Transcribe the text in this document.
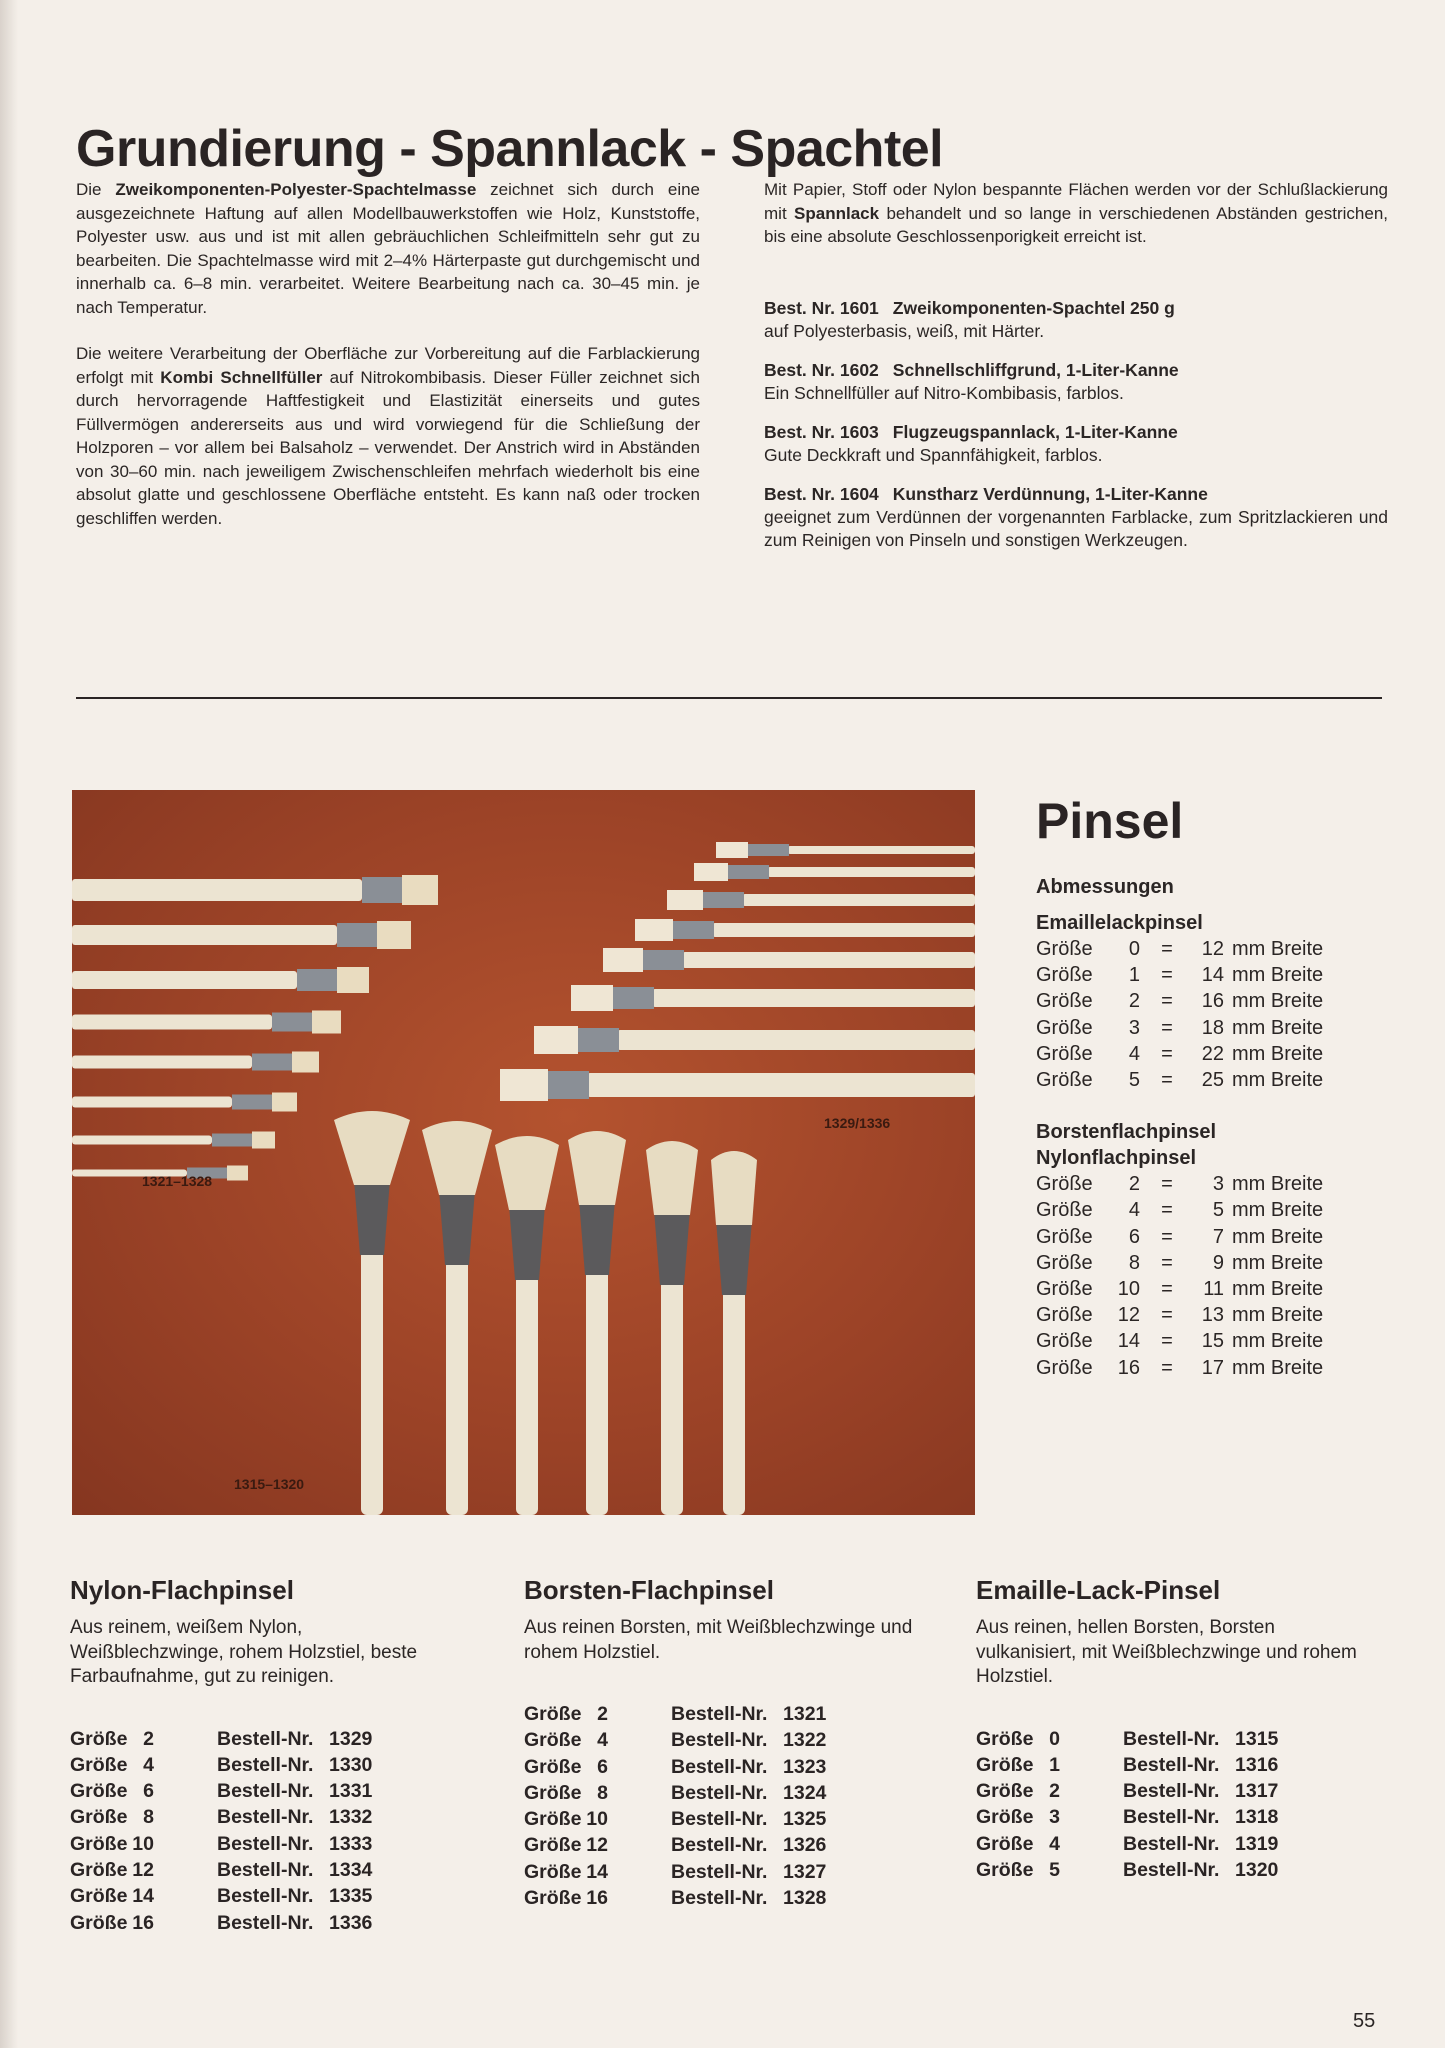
Grundierung - Spannlack - Spachtel

Die Zweikomponenten-Polyester-Spachtelmasse zeichnet sich durch eine ausgezeichnete Haftung auf allen Modellbauwerkstoffen wie Holz, Kunststoffe, Polyester usw. aus und ist mit allen gebräuchlichen Schleifmitteln sehr gut zu bearbeiten. Die Spachtelmasse wird mit 2–4% Härterpaste gut durchgemischt und innerhalb ca. 6–8 min. verarbeitet. Weitere Bearbeitung nach ca. 30–45 min. je nach Temperatur.

Die weitere Verarbeitung der Oberfläche zur Vorbereitung auf die Farblackierung erfolgt mit Kombi Schnellfüller auf Nitrokombibasis. Dieser Füller zeichnet sich durch hervorragende Haftfestigkeit und Elastizität einerseits und gutes Füllvermögen andererseits aus und wird vorwiegend für die Schließung der Holzporen – vor allem bei Balsaholz – verwendet. Der Anstrich wird in Abständen von 30–60 min. nach jeweiligem Zwischenschleifen mehrfach wiederholt bis eine absolut glatte und geschlossene Oberfläche entsteht. Es kann naß oder trocken geschliffen werden.

Mit Papier, Stoff oder Nylon bespannte Flächen werden vor der Schlußlackierung mit Spannlack behandelt und so lange in verschiedenen Abständen gestrichen, bis eine absolute Geschlossenporigkeit erreicht ist.

Best. Nr. 1601 Zweikomponenten-Spachtel 250 g
auf Polyesterbasis, weiß, mit Härter.
Best. Nr. 1602 Schnellschliffgrund, 1-Liter-Kanne
Ein Schnellfüller auf Nitro-Kombibasis, farblos.
Best. Nr. 1603 Flugzeugspannlack, 1-Liter-Kanne
Gute Deckkraft und Spannfähigkeit, farblos.
Best. Nr. 1604 Kunstharz Verdünnung, 1-Liter-Kanne
geeignet zum Verdünnen der vorgenannten Farblacke, zum Spritzlackieren und zum Reinigen von Pinseln und sonstigen Werkzeugen.
1321–1328
1329/1336
1315–1320
Pinsel
Abmessungen
Emaillelackpinsel
Größe	0	=	12	mm Breite
Größe	1	=	14	mm Breite
Größe	2	=	16	mm Breite
Größe	3	=	18	mm Breite
Größe	4	=	22	mm Breite
Größe	5	=	25	mm Breite
Borstenflachpinsel
Nylonflachpinsel
Größe	2	=	3	mm Breite
Größe	4	=	5	mm Breite
Größe	6	=	7	mm Breite
Größe	8	=	9	mm Breite
Größe	10	=	11	mm Breite
Größe	12	=	13	mm Breite
Größe	14	=	15	mm Breite
Größe	16	=	17	mm Breite
Nylon-Flachpinsel

Aus reinem, weißem Nylon, Weißblechzwinge, rohem Holzstiel, beste Farbaufnahme, gut zu reinigen.

Größe	2	Bestell-Nr.	1329
Größe	4	Bestell-Nr.	1330
Größe	6	Bestell-Nr.	1331
Größe	8	Bestell-Nr.	1332
Größe	10	Bestell-Nr.	1333
Größe	12	Bestell-Nr.	1334
Größe	14	Bestell-Nr.	1335
Größe	16	Bestell-Nr.	1336
Borsten-Flachpinsel

Aus reinen Borsten, mit Weißblechzwinge und rohem Holzstiel.

Größe	2	Bestell-Nr.	1321
Größe	4	Bestell-Nr.	1322
Größe	6	Bestell-Nr.	1323
Größe	8	Bestell-Nr.	1324
Größe	10	Bestell-Nr.	1325
Größe	12	Bestell-Nr.	1326
Größe	14	Bestell-Nr.	1327
Größe	16	Bestell-Nr.	1328
Emaille-Lack-Pinsel

Aus reinen, hellen Borsten, Borsten vulkanisiert, mit Weißblechzwinge und rohem Holzstiel.

Größe	0	Bestell-Nr.	1315
Größe	1	Bestell-Nr.	1316
Größe	2	Bestell-Nr.	1317
Größe	3	Bestell-Nr.	1318
Größe	4	Bestell-Nr.	1319
Größe	5	Bestell-Nr.	1320
55
